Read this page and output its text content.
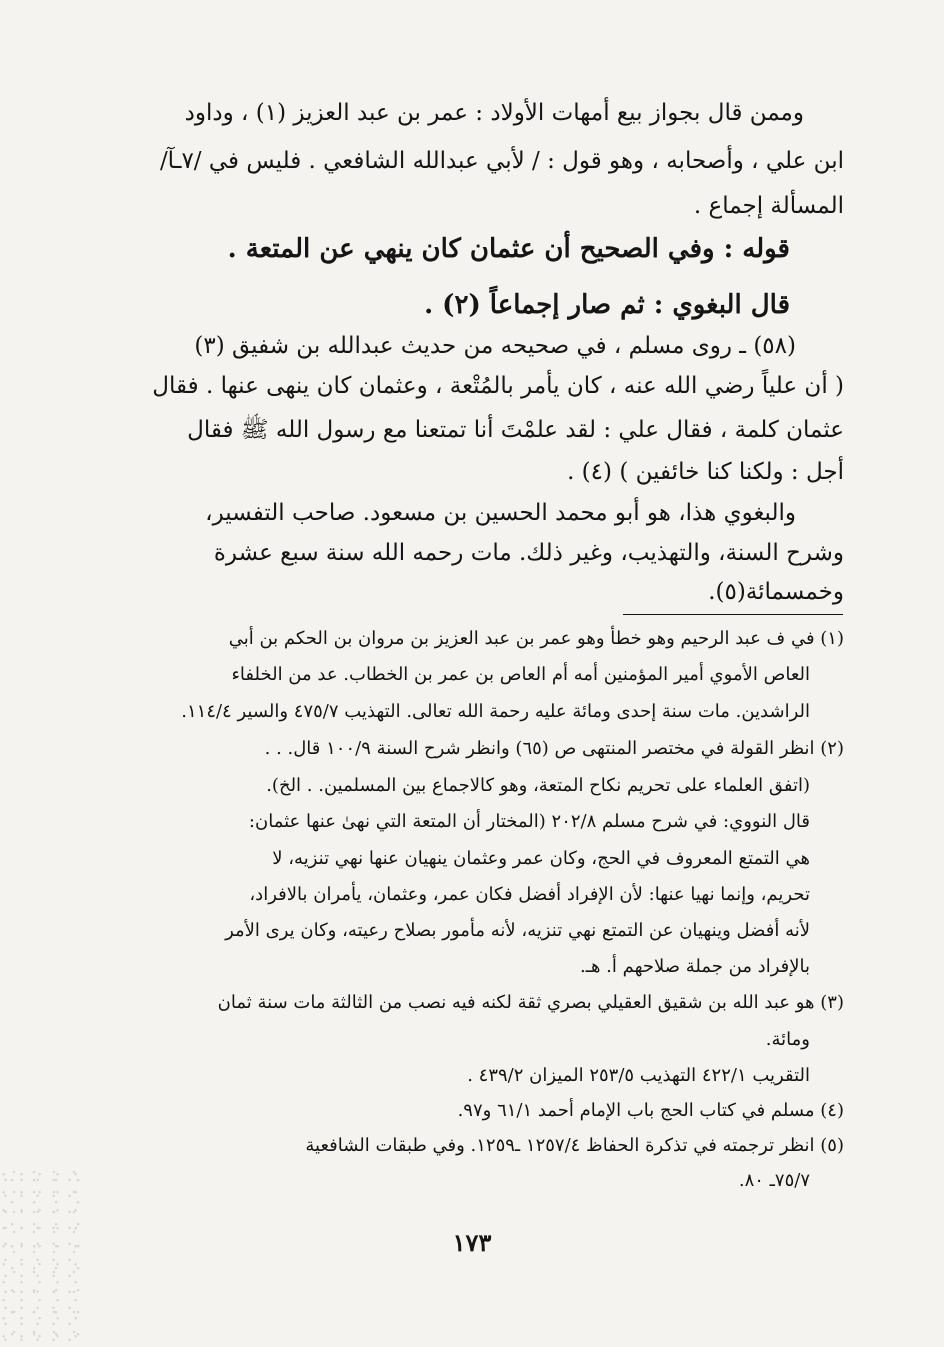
وممن قال بجواز بيع أمهات الأولاد : عمر بن عبد العزيز (١) ، وداود
ابن علي ، وأصحابه ، وهو قول : / لأبي عبدالله الشافعي . فليس في /٧ـآ/
المسألة إجماع .
قوله : وفي الصحيح أن عثمان كان ينهي عن المتعة .
قال البغوي : ثم صار إجماعاً (٢) .
(٥٨) ـ روى مسلم ، في صحيحه من حديث عبدالله بن شفيق (٣)
( أن علياً رضي الله عنه ، كان يأمر بالمُتْعة ، وعثمان كان ينهى عنها . فقال
عثمان كلمة ، فقال علي : لقد علمْتَ أنا تمتعنا مع رسول الله ﷺ فقال
أجل : ولكنا كنا خائفين ) (٤) .
والبغوي هذا، هو أبو محمد الحسين بن مسعود. صاحب التفسير،
وشرح السنة، والتهذيب، وغير ذلك. مات رحمه الله سنة سبع عشرة
وخمسمائة(٥).
(١) في ف عبد الرحيم وهو خطأ وهو عمر بن عبد العزيز بن مروان بن الحكم بن أبي
العاص الأموي أمير المؤمنين أمه أم العاص بن عمر بن الخطاب. عد من الخلفاء
الراشدين. مات سنة إحدى ومائة عليه رحمة الله تعالى. التهذيب ٤٧٥/٧ والسير ١١٤/٤.
(٢) انظر القولة في مختصر المنتهى ص (٦٥) وانظر شرح السنة ١٠٠/٩ قال. . .
(اتفق العلماء على تحريم نكاح المتعة، وهو كالاجماع بين المسلمين. . الخ).
قال النووي: في شرح مسلم ٢٠٢/٨ (المختار أن المتعة التي نهىٰ عنها عثمان:
هي التمتع المعروف في الحج، وكان عمر وعثمان ينهيان عنها نهي تنزيه، لا
تحريم، وإنما نهيا عنها: لأن الإفراد أفضل فكان عمر، وعثمان، يأمران بالافراد،
لأنه أفضل وينهيان عن التمتع نهي تنزيه، لأنه مأمور بصلاح رعيته، وكان يرى الأمر
بالإفراد من جملة صلاحهم أ. هـ.
(٣) هو عبد الله بن شقيق العقيلي بصري ثقة لكنه فيه نصب من الثالثة مات سنة ثمان
ومائة.
التقريب ٤٢٢/١ التهذيب ٢٥٣/٥ الميزان ٤٣٩/٢ .
(٤) مسلم في كتاب الحج باب الإمام أحمد ٦١/١ و٩٧.
(٥) انظر ترجمته في تذكرة الحفاظ ١٢٥٧/٤ ـ١٢٥٩. وفي طبقات الشافعية
٧٥/٧ـ ٨٠.
١٧٣
